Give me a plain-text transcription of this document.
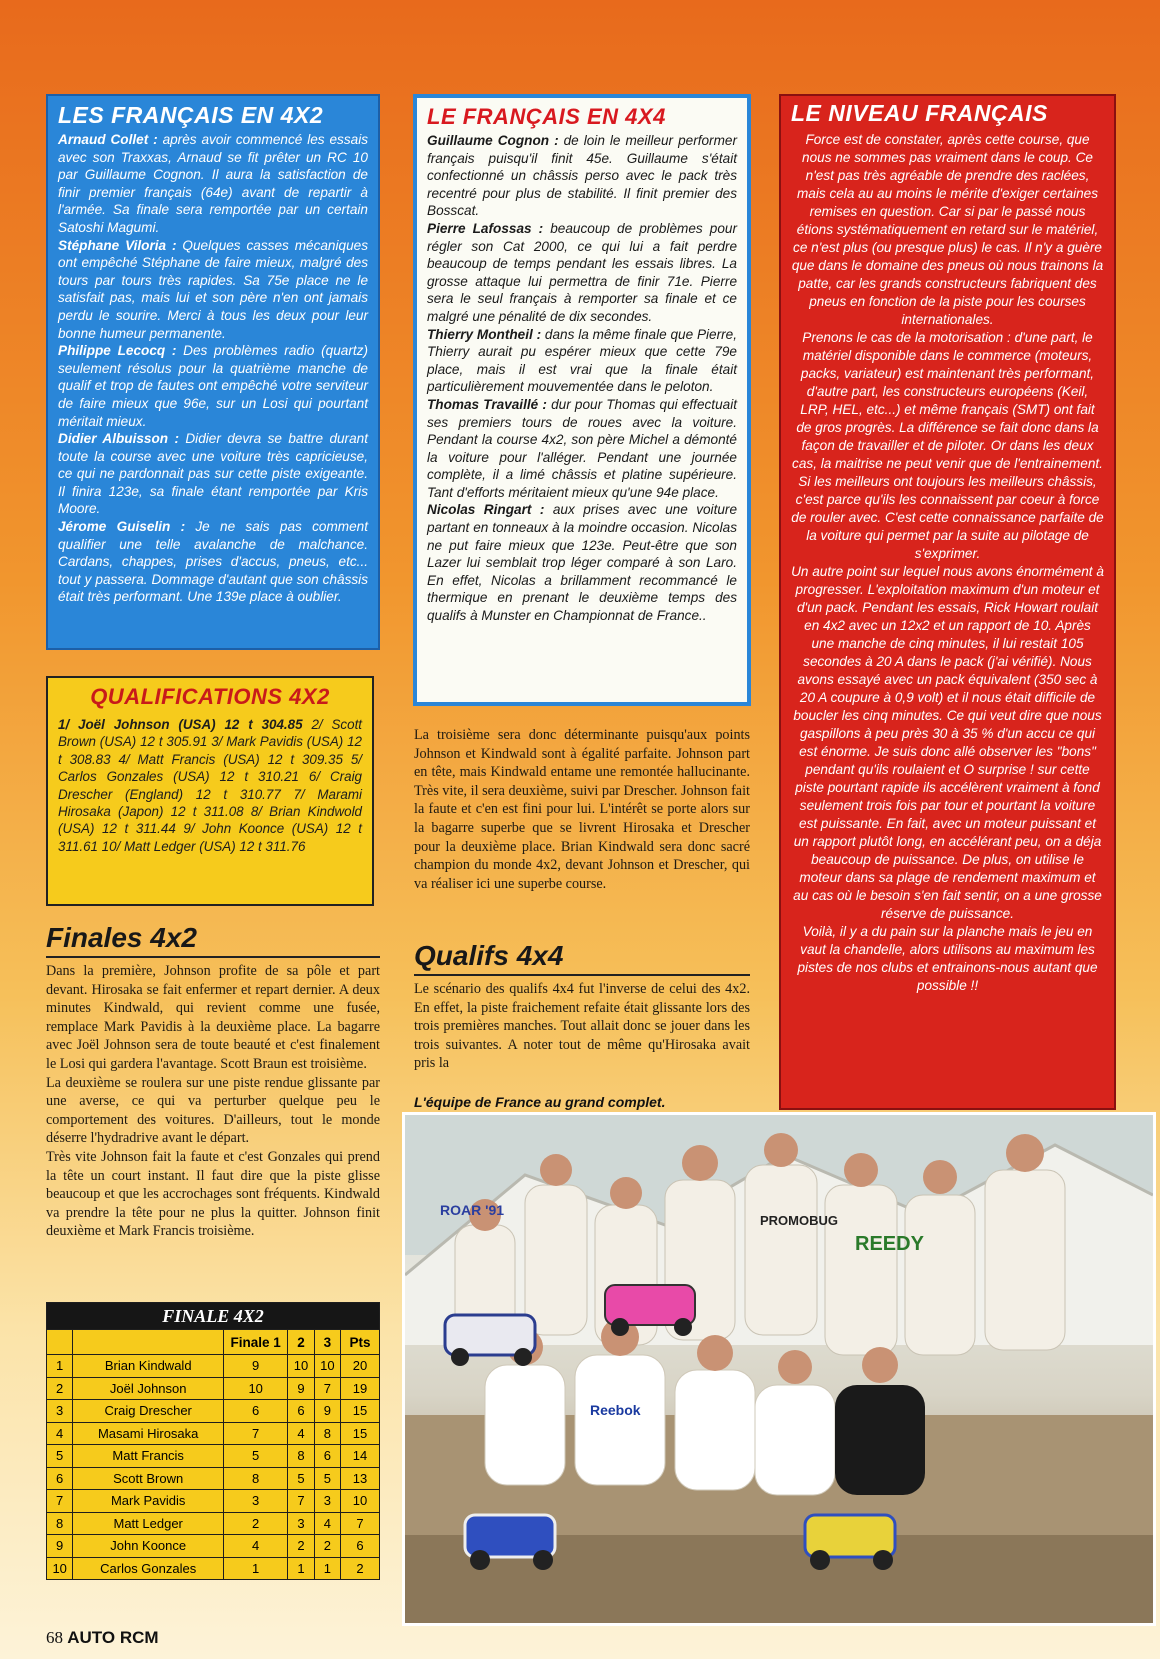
LES FRANÇAIS EN 4X2

Arnaud Collet : après avoir commencé les essais avec son Traxxas, Arnaud se fit prêter un RC 10 par Guillaume Cognon. Il aura la satisfaction de finir premier français (64e) avant de repartir à l'armée. Sa finale sera remportée par un certain Satoshi Magumi.

Stéphane Viloria : Quelques casses mécaniques ont empêché Stéphane de faire mieux, malgré des tours par tours très rapides. Sa 75e place ne le satisfait pas, mais lui et son père n'en ont jamais perdu le sourire. Merci à tous les deux pour leur bonne humeur permanente.

Philippe Lecocq : Des problèmes radio (quartz) seulement résolus pour la quatrième manche de qualif et trop de fautes ont empêché votre serviteur de faire mieux que 96e, sur un Losi qui pourtant méritait mieux.

Didier Albuisson : Didier devra se battre durant toute la course avec une voiture très capricieuse, ce qui ne pardonnait pas sur cette piste exigeante. Il finira 123e, sa finale étant remportée par Kris Moore.

Jérome Guiselin : Je ne sais pas comment qualifier une telle avalanche de malchance. Cardans, chappes, prises d'accus, pneus, etc... tout y passera. Dommage d'autant que son châssis était très performant. Une 139e place à oublier.

LE FRANÇAIS EN 4X4

Guillaume Cognon : de loin le meilleur performer français puisqu'il finit 45e. Guillaume s'était confectionné un châssis perso avec le pack très recentré pour plus de stabilité. Il finit premier des Bosscat.

Pierre Lafossas : beaucoup de problèmes pour régler son Cat 2000, ce qui lui a fait perdre beaucoup de temps pendant les essais libres. La grosse attaque lui permettra de finir 71e. Pierre sera le seul français à remporter sa finale et ce malgré une pénalité de dix secondes.

Thierry Montheil : dans la même finale que Pierre, Thierry aurait pu espérer mieux que cette 79e place, mais il est vrai que la finale était particulièrement mouvementée dans le peloton.

Thomas Travaillé : dur pour Thomas qui effectuait ses premiers tours de roues avec la voiture. Pendant la course 4x2, son père Michel a démonté la voiture pour l'alléger. Pendant une journée complète, il a limé châssis et platine supérieure. Tant d'efforts méritaient mieux qu'une 94e place.

Nicolas Ringart : aux prises avec une voiture partant en tonneaux à la moindre occasion. Nicolas ne put faire mieux que 123e. Peut-être que son Lazer lui semblait trop léger comparé à son Laro. En effet, Nicolas a brillamment recommancé le thermique en prenant le deuxième temps des qualifs à Munster en Championnat de France..

LE NIVEAU FRANÇAIS

Force est de constater, après cette course, que nous ne sommes pas vraiment dans le coup. Ce n'est pas très agréable de prendre des raclées, mais cela au au moins le mérite d'exiger certaines remises en question. Car si par le passé nous étions systématiquement en retard sur le matériel, ce n'est plus (ou presque plus) le cas. Il n'y a guère que dans le domaine des pneus où nous trainons la patte, car les grands constructeurs fabriquent des pneus en fonction de la piste pour les courses internationales.

Prenons le cas de la motorisation : d'une part, le matériel disponible dans le commerce (moteurs, packs, variateur) est maintenant très performant, d'autre part, les constructeurs européens (Keil, LRP, HEL, etc...) et même français (SMT) ont fait de gros progrès. La différence se fait donc dans la façon de travailler et de piloter. Or dans les deux cas, la maitrise ne peut venir que de l'entrainement. Si les meilleurs ont toujours les meilleurs châssis, c'est parce qu'ils les connaissent par coeur à force de rouler avec. C'est cette connaissance parfaite de la voiture qui permet par la suite au pilotage de s'exprimer.

Un autre point sur lequel nous avons énormément à progresser. L'exploitation maximum d'un moteur et d'un pack. Pendant les essais, Rick Howart roulait en 4x2 avec un 12x2 et un rapport de 10. Après une manche de cinq minutes, il lui restait 105 secondes à 20 A dans le pack (j'ai vérifié). Nous avons essayé avec un pack équivalent (350 sec à 20 A coupure à 0,9 volt) et il nous était difficile de boucler les cinq minutes. Ce qui veut dire que nous gaspillons à peu près 30 à 35 % d'un accu ce qui est énorme. Je suis donc allé observer les "bons" pendant qu'ils roulaient et O surprise ! sur cette piste pourtant rapide ils accélèrent vraiment à fond seulement trois fois par tour et pourtant la voiture est puissante. En fait, avec un moteur puissant et un rapport plutôt long, en accélérant peu, on a déja beaucoup de puissance. De plus, on utilise le moteur dans sa plage de rendement maximum et au cas où le besoin s'en fait sentir, on a une grosse réserve de puissance.

Voilà, il y a du pain sur la planche mais le jeu en vaut la chandelle, alors utilisons au maximum les pistes de nos clubs et entrainons-nous autant que possible !!

QUALIFICATIONS 4X2

1/ Joël Johnson (USA) 12 t 304.85 2/ Scott Brown (USA) 12 t 305.91 3/ Mark Pavidis (USA) 12 t 308.83 4/ Matt Francis (USA) 12 t 309.35 5/ Carlos Gonzales (USA) 12 t 310.21 6/ Craig Drescher (England) 12 t 310.77 7/ Marami Hirosaka (Japon) 12 t 311.08 8/ Brian Kindwold (USA) 12 t 311.44 9/ John Koonce (USA) 12 t 311.61 10/ Matt Ledger (USA) 12 t 311.76

Finales 4x2

Dans la première, Johnson profite de sa pôle et part devant. Hirosaka se fait enfermer et repart dernier. A deux minutes Kindwald, qui revient comme une fusée, remplace Mark Pavidis à la deuxième place. La bagarre avec Joël Johnson sera de toute beauté et c'est finalement le Losi qui gardera l'avantage. Scott Braun est troisième.

La deuxième se roulera sur une piste rendue glissante par une averse, ce qui va perturber quelque peu le comportement des voitures. D'ailleurs, tout le monde déserre l'hydradrive avant le départ.

Très vite Johnson fait la faute et c'est Gonzales qui prend la tête un court instant. Il faut dire que la piste glisse beaucoup et que les accrochages sont fréquents. Kindwald va prendre la tête pour ne plus la quitter. Johnson finit deuxième et Mark Francis troisième.

La troisième sera donc déterminante puisqu'aux points Johnson et Kindwald sont à égalité parfaite. Johnson part en tête, mais Kindwald entame une remontée hallucinante. Très vite, il sera deuxième, suivi par Drescher. Johnson fait la faute et c'en est fini pour lui. L'intérêt se porte alors sur la bagarre superbe que se livrent Hirosaka et Drescher pour la deuxième place. Brian Kindwald sera donc sacré champion du monde 4x2, devant Johnson et Drescher, qui va réaliser ici une superbe course.

Qualifs 4x4

Le scénario des qualifs 4x4 fut l'inverse de celui des 4x2. En effet, la piste fraichement refaite était glissante lors des trois premières manches. Tout allait donc se jouer dans les trois suivantes. A noter tout de même qu'Hirosaka avait pris la

L'équipe de France au grand complet.
ROAR '91
PROMOBUG
REEDY
Reebok
FINALE 4X2					
		Finale 1	2	3	Pts
1	Brian Kindwald	9	10	10	20
2	Joël Johnson	10	9	7	19
3	Craig Drescher	6	6	9	15
4	Masami Hirosaka	7	4	8	15
5	Matt Francis	5	8	6	14
6	Scott Brown	8	5	5	13
7	Mark Pavidis	3	7	3	10
8	Matt Ledger	2	3	4	7
9	John Koonce	4	2	2	6
10	Carlos Gonzales	1	1	1	2
68 AUTO RCM
